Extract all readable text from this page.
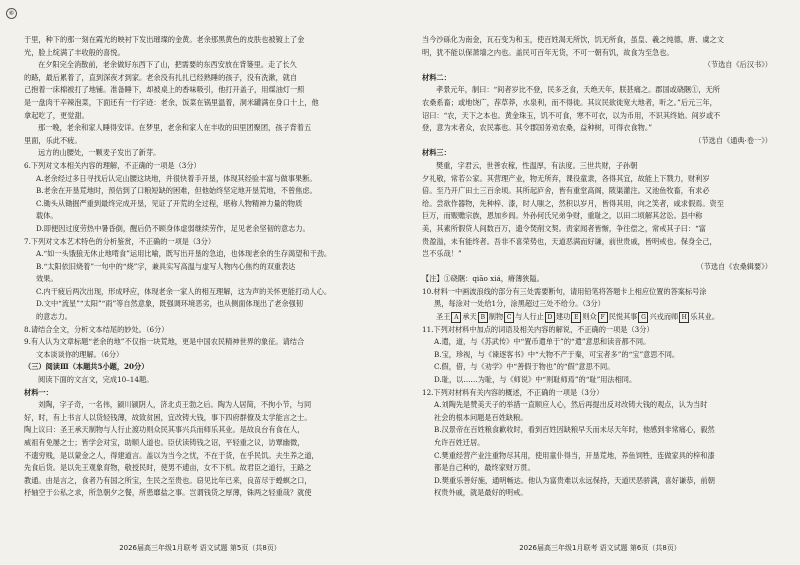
⑥
于里，种下的那一刻在霞光的映衬下发出璀璨的金黄。老余那黑黄色的皮肤也被镀上了金
光，脸上绽满了丰收般的喜悦。
在夕阳完全消散前，老余做好东西下了山，把需要的东西安放在背篓里。走了长久
的路，最后累着了，直到深夜才到家。老余没有扎扎已经熟睡的孩子，没有洗漱，就自
己抱着一床棉被打了地铺。准备睡下，却被桌上的香味吸引，他打开盖子，用煤油灯一照
是一盘肉干辛辣泡菜，下面还有一行字迹：老余，饭菜在锅里温着，洞米罐满在身口十上，他
拿起吃了，更觉甜。
那一晚，老余和家人睡得安详。在梦里，老余和家人在丰收的田里团聚团，孩子背着五
里面，乐此不疲。
远方的山腰处，一颗麦子发出了新芽。
6.下列对文本相关内容的理解，不正确的一项是（3分）
A.老余经过多日寻找后认定山腰这块地，并很快着手开垦，体现其经验丰富与做事果断。
B.老余在开垦荒地时，预估到了口粮短缺的困难，但他始终坚定地开垦荒地，不曾焦虑。
C.锄头从锄掘严重到最终完成开垦，见证了开荒的全过程，堪称人物精神力量的物质
载体。
D.即便因过度劳热中暑昏倒，醒后仍不顾身体虚弱继续劳作，足见老余坚韧的意志力。
7.下列对文本艺术特色的分析鉴赏，不正确的一项是（3分）
A.“如一头饿狼无休止地啃食”运用比喻，既写出开垦的急迫，也体现老余的生存渴望和干劲。
B.“太阳依旧烧着”一句中的“烧”字，兼具实写高温与虚写人物内心焦灼的双重表达
效果。
C.内干疲后两次出现，形成呼应，体现老余一家人的相互理解，这为声的关怀更能打动人心。
D.文中“流星”“太阳”“雨”等自然意象，既强调环境恶劣，也从侧面体现出了老余强韧
的意志力。
8.请结合全文，分析文本结尾的妙处。（6分）
9.有人认为文章标题“老余的地”不仅指一块荒地，更是中国农民精神世界的象征。请结合
文本谈谈你的理解。（6分）
（三）阅读Ⅲ（本题共5小题，20分）
阅读下面的文言文，完成10–14题。
材料一：
刘陶，字子奇，一名伟，颍川颍阴人，济北贞王勃之后。陶为人居简，不拘小节，与同
好，时，有上书言人以货轻钱薄，故致贫困，宜改铸大钱，事下四府群僚及太学能言之士。
陶上议曰：圣王承天制物与人行止渡功则众民其事兴兵而师乐其业。是故良台有食在人，
威祖有免屡之士；皆学会对宝，助顺人道也。臣伏读铸钱之诏，平轻重之议，访覃幽微，
不遗穷贱，是以蒙金之人，得建道言。盖以为当今之忧，不在于货，在乎民饥。夫生养之道，
先食后货。是以先王观象育物，敬授民时，使男不逋亩，女不下机。故君臣之道行，王路之
教通。由是言之，食者乃有国之所宝，生民之至贵也。窃见比年已来，良苗尽于蝗螟之口，
杼轴空于公私之求，所急朝夕之餐，所患靡盐之事。岂谓钱货之厚薄，铢两之轻重哉？就使
2026届高三年级1月联考 语文试题 第5页（共8页）
当今沙砾化为南金，瓦石变为和玉，使百姓渴无所饮，饥无所食，虽皇、羲之纯德，唐、虞之文
明，犹不能以保萧墙之内也。盖民可百年无货，不可一朝有饥，故食为至急也。
（节选自《后汉书》）
材料二：
孝景元年，制曰：“间者岁比不登，民多乏食，夭绝天年，朕甚痛之。郡国或硗陿①，无所
农桑系畜；或地饶广，荐草莽，水泉利，而不得徙。其议民欲徙宽大地者，听之。”后元三年，
诏曰：“农，天下之本也。黄金珠玉，饥不可食，寒不可衣，以为币用，不识其终始。间岁或不
登，意为末者众，农民寡也。其令郡国务劝农桑，益种树，可得衣食物。”
（节选自《通典·卷一》）
材料三：
樊重，字君云，世善农稼，性温厚，有法度。三世共财，子孙朝
夕礼敬，常若公家。其营理产业，物无所弃，课役童隶，各得其宜，故能上下戮力，财利岁
倍。至乃开广田土三百余顷。其所起庐舍，皆有重堂高阁，陂渠灌注。又池鱼牧畜，有求必
给。尝欲作器物，先种梓、漆，时人嗤之，然积以岁月，皆得其用，向之笑者，咸求假焉。资至
巨万，而赈赡宗族，恩加乡闾。外孙何氏兄弟争财，重耻之，以田二顷解其忿讼。县中称
美，其素所假贷人间数百万，遗令焚削文契。责家闻者皆惭，争往偿之，常戒其子曰：“富
贵盈溢，未有能终者。吾非不喜荣势也，天道恶满而好谦，前世贵戚，皆明戒也。保身全己，
岂不乐哉！”
（节选自《农桑辑要》）
【注】①硗陿：qiāo xiá，瘠薄狭隘。
10.材料一中画波浪线的部分有三处需要断句，请用铅笔将答题卡上相应位置的答案标号涂
黑，每涂对一处给1分，涂黑超过三处不给分。（3分）
圣王 A 承天 B 制物 C 与人行止 D 建功 E 则众 F 民悦其事 G 兴戎而师 H 乐其业。
11.下列对材料中加点的词语及相关内容的解说，不正确的一项是（3分）
A.遣，道，与《苏武传》中“置币遣单于”的“遣”意思和读音都不同。
B.宝，珍视，与《谏逐客书》中“大物不产于秦，可宝者多”的“宝”意思不同。
C.假，借，与《劝学》中“善假于物也”的“假”意思不同。
D.耻，以……为耻，与《师说》中“则耻师焉”的“耻”用法相同。
12.下列对材料有关内容的概述，不正确的一项是（3分）
A.刘陶先是赞美天子的举措一直顺应人心，然后再提出反对改铸大钱的观点，认为当时
社会的根本问题是百姓缺粮。
B.汉景帝在百姓粮食歉收时，看到百姓因缺粮早夭而未尽天年时，他感到非常痛心，毅然
允许百姓迁居。
C.樊重经营产业注重物尽其用，使用童仆得当，开垦荒地，养鱼饲牲，连做家具的梓和漆
都是自己种的，最终家财万贯。
D.樊重乐善好施，通明畅达。他认为富贵难以永远保持，天道厌恶骄满，喜好谦恭，前朝
权贵外戚，就是最好的明戒。
2026届高三年级1月联考 语文试题 第6页（共8页）
